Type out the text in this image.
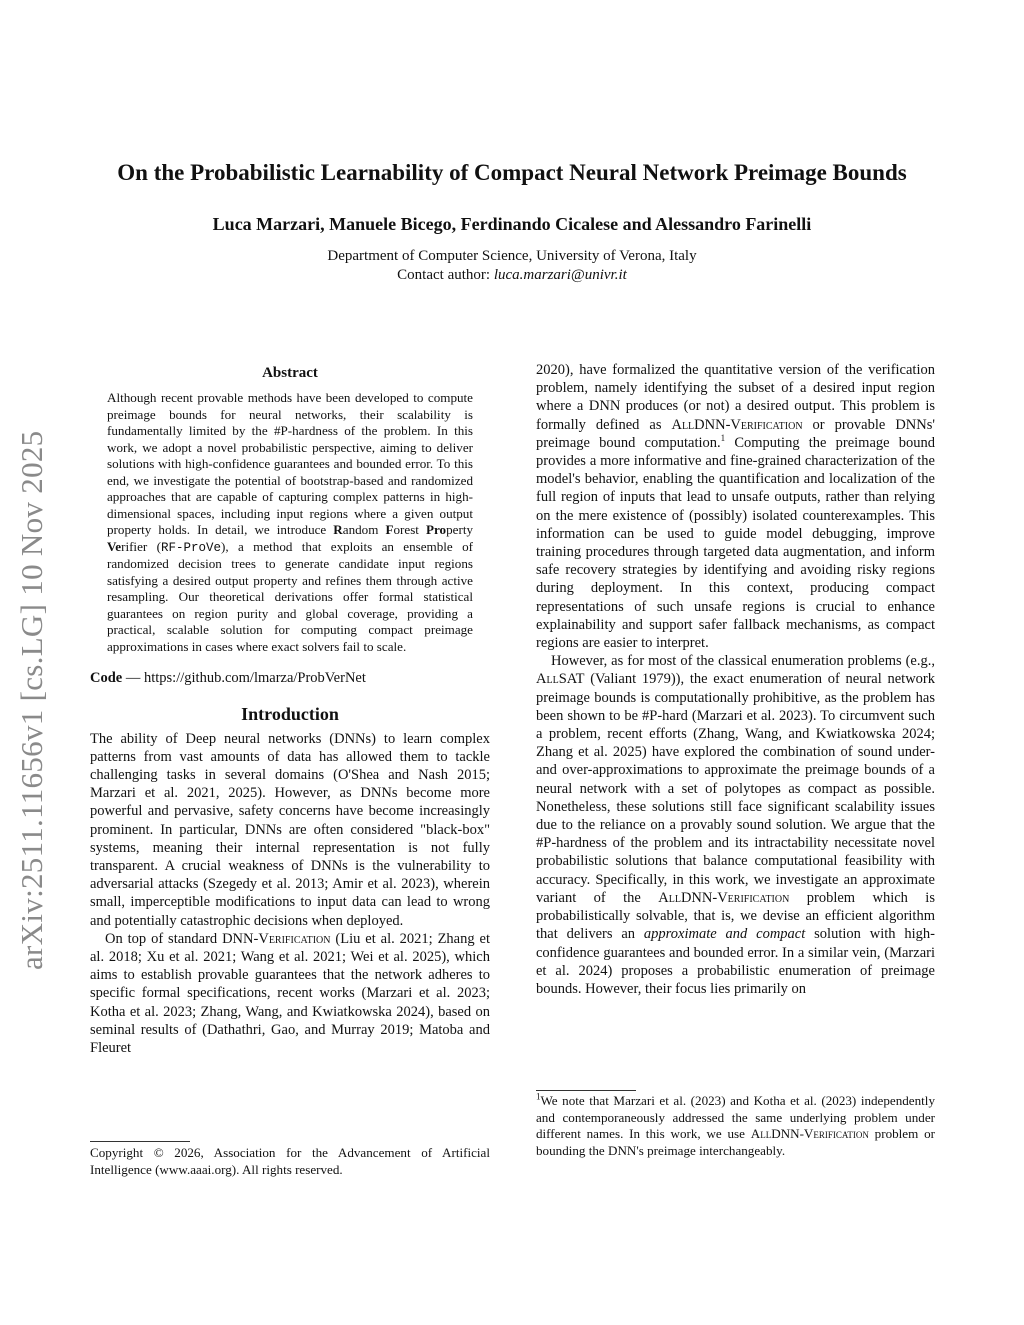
On the Probabilistic Learnability of Compact Neural Network Preimage Bounds
Luca Marzari, Manuele Bicego, Ferdinando Cicalese and Alessandro Farinelli
Department of Computer Science, University of Verona, Italy
Contact author: luca.marzari@univr.it
arXiv:2511.11656v1 [cs.LG] 10 Nov 2025
Abstract
Although recent provable methods have been developed to compute preimage bounds for neural networks, their scalability is fundamentally limited by the #P-hardness of the problem. In this work, we adopt a novel probabilistic perspective, aiming to deliver solutions with high-confidence guarantees and bounded error. To this end, we investigate the potential of bootstrap-based and randomized approaches that are capable of capturing complex patterns in high-dimensional spaces, including input regions where a given output property holds. In detail, we introduce Random Forest Property Verifier (RF-ProVe), a method that exploits an ensemble of randomized decision trees to generate candidate input regions satisfying a desired output property and refines them through active resampling. Our theoretical derivations offer formal statistical guarantees on region purity and global coverage, providing a practical, scalable solution for computing compact preimage approximations in cases where exact solvers fail to scale.
Code — https://github.com/lmarza/ProbVerNet
Introduction

The ability of Deep neural networks (DNNs) to learn complex patterns from vast amounts of data has allowed them to tackle challenging tasks in several domains (O'Shea and Nash 2015; Marzari et al. 2021, 2025). However, as DNNs become more powerful and pervasive, safety concerns have become increasingly prominent. In particular, DNNs are often considered "black-box" systems, meaning their internal representation is not fully transparent. A crucial weakness of DNNs is the vulnerability to adversarial attacks (Szegedy et al. 2013; Amir et al. 2023), wherein small, imperceptible modifications to input data can lead to wrong and potentially catastrophic decisions when deployed.

On top of standard DNN-Verification (Liu et al. 2021; Zhang et al. 2018; Xu et al. 2021; Wang et al. 2021; Wei et al. 2025), which aims to establish provable guarantees that the network adheres to specific formal specifications, recent works (Marzari et al. 2023; Kotha et al. 2023; Zhang, Wang, and Kwiatkowska 2024), based on seminal results of (Dathathri, Gao, and Murray 2019; Matoba and Fleuret

Copyright © 2026, Association for the Advancement of Artificial Intelligence (www.aaai.org). All rights reserved.

2020), have formalized the quantitative version of the verification problem, namely identifying the subset of a desired input region where a DNN produces (or not) a desired output. This problem is formally defined as AllDNN-Verification or provable DNNs' preimage bound computation.$^1$ Computing the preimage bound provides a more informative and fine-grained characterization of the model's behavior, enabling the quantification and localization of the full region of inputs that lead to unsafe outputs, rather than relying on the mere existence of (possibly) isolated counterexamples. This information can be used to guide model debugging, improve training procedures through targeted data augmentation, and inform safe recovery strategies by identifying and avoiding risky regions during deployment. In this context, producing compact representations of such unsafe regions is crucial to enhance explainability and support safer fallback mechanisms, as compact regions are easier to interpret.

However, as for most of the classical enumeration problems (e.g., AllSAT (Valiant 1979)), the exact enumeration of neural network preimage bounds is computationally prohibitive, as the problem has been shown to be #P-hard (Marzari et al. 2023). To circumvent such a problem, recent efforts (Zhang, Wang, and Kwiatkowska 2024; Zhang et al. 2025) have explored the combination of sound under- and over-approximations to approximate the preimage bounds of a neural network with a set of polytopes as compact as possible. Nonetheless, these solutions still face significant scalability issues due to the reliance on a provably sound solution. We argue that the #P-hardness of the problem and its intractability necessitate novel probabilistic solutions that balance computational feasibility with accuracy. Specifically, in this work, we investigate an approximate variant of the AllDNN-Verification problem which is probabilistically solvable, that is, we devise an efficient algorithm that delivers an approximate and compact solution with high-confidence guarantees and bounded error. In a similar vein, (Marzari et al. 2024) proposes a probabilistic enumeration of preimage bounds. However, their focus lies primarily on

$^1$We note that Marzari et al. (2023) and Kotha et al. (2023) independently and contemporaneously addressed the same underlying problem under different names. In this work, we use AllDNN-Verification problem or bounding the DNN's preimage interchangeably.
